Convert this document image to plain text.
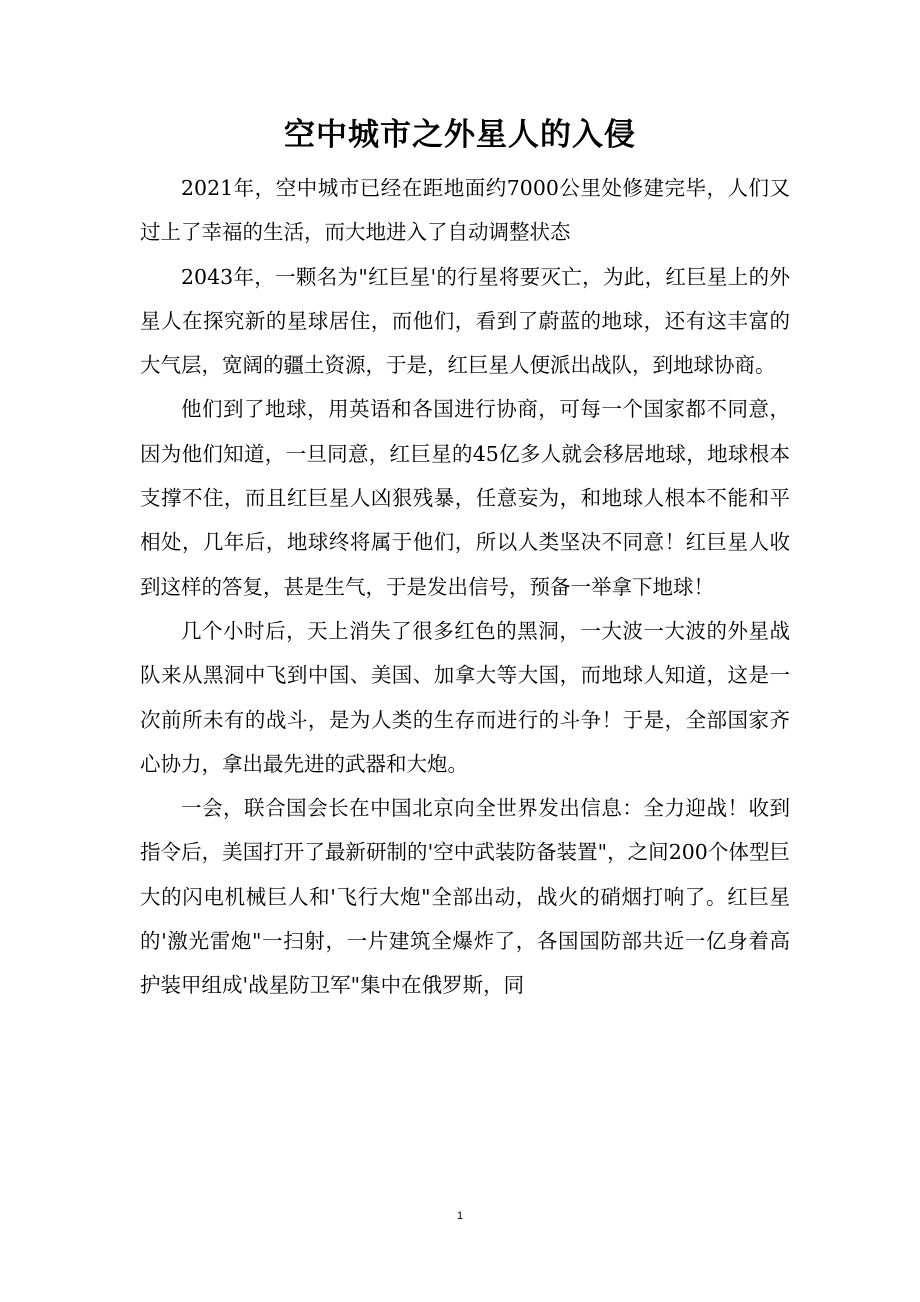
空中城市之外星人的入侵

2021年，空中城市已经在距地面约7000公里处修建完毕，人们又过上了幸福的生活，而大地进入了自动调整状态

2043年，一颗名为"红巨星'的行星将要灭亡，为此，红巨星上的外星人在探究新的星球居住，而他们，看到了蔚蓝的地球，还有这丰富的大气层，宽阔的疆土资源，于是，红巨星人便派出战队，到地球协商。

他们到了地球，用英语和各国进行协商，可每一个国家都不同意，因为他们知道，一旦同意，红巨星的45亿多人就会移居地球，地球根本支撑不住，而且红巨星人凶狠残暴，任意妄为，和地球人根本不能和平相处，几年后，地球终将属于他们，所以人类坚决不同意！红巨星人收到这样的答复，甚是生气，于是发出信号，预备一举拿下地球！

几个小时后，天上消失了很多红色的黑洞，一大波一大波的外星战队来从黑洞中飞到中国、美国、加拿大等大国，而地球人知道，这是一次前所未有的战斗，是为人类的生存而进行的斗争！于是，全部国家齐心协力，拿出最先进的武器和大炮。

一会，联合国会长在中国北京向全世界发出信息：全力迎战！收到指令后，美国打开了最新研制的'空中武装防备装置"，之间200个体型巨大的闪电机械巨人和'飞行大炮"全部出动，战火的硝烟打响了。红巨星的'激光雷炮"一扫射，一片建筑全爆炸了，各国国防部共近一亿身着高护装甲组成'战星防卫军"集中在俄罗斯，同

1
